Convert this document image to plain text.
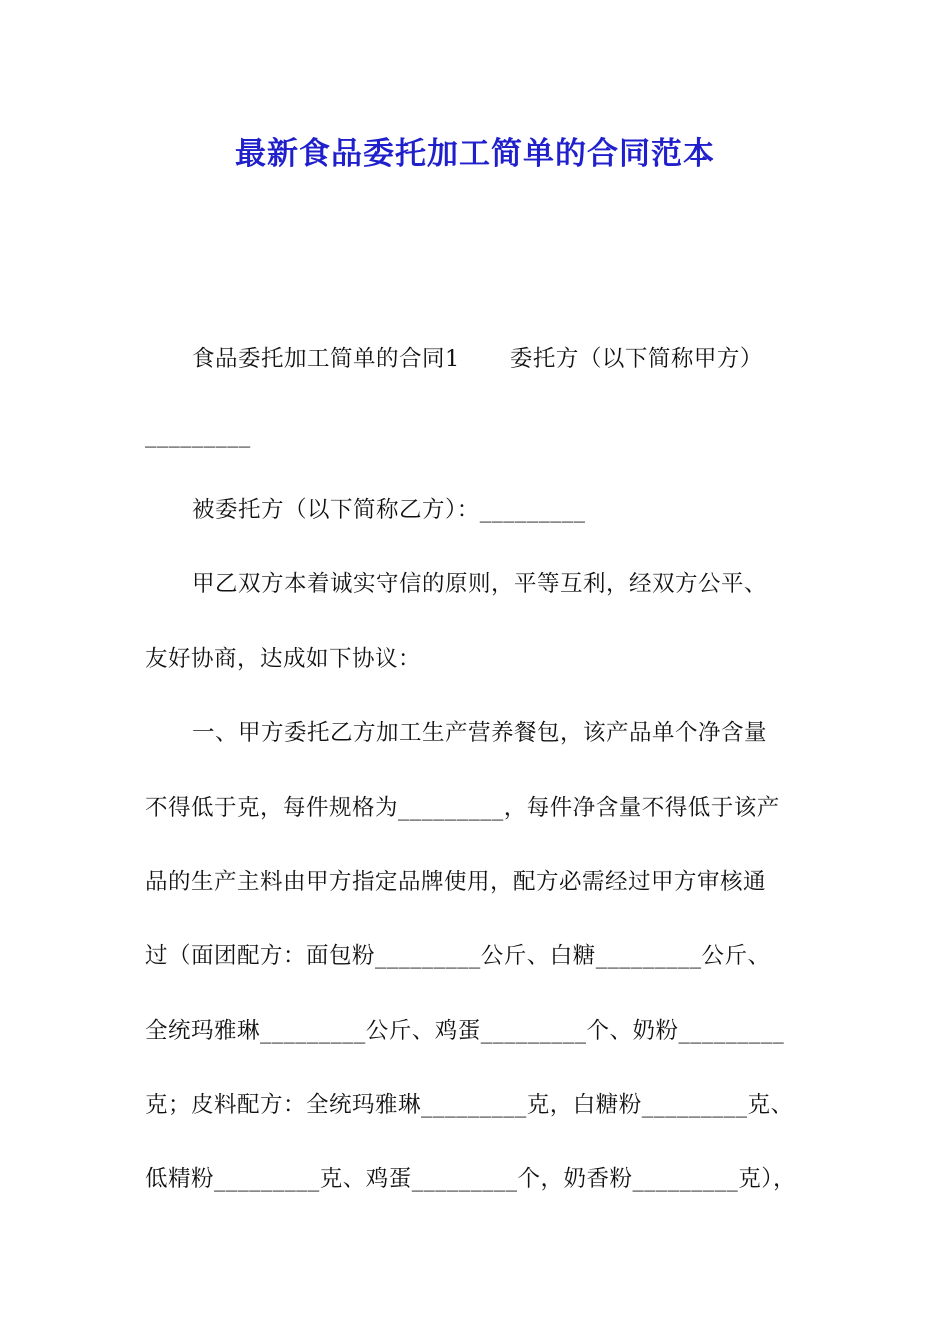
最新食品委托加工简单的合同范本
食品委托加工简单的合同1 委托方（以下简称甲方）
_________
被委托方（以下简称乙方）：_________
甲乙双方本着诚实守信的原则，平等互利，经双方公平、
友好协商，达成如下协议：
一、甲方委托乙方加工生产营养餐包，该产品单个净含量
不得低于克，每件规格为_________，每件净含量不得低于该产
品的生产主料由甲方指定品牌使用，配方必需经过甲方审核通
过（面团配方：面包粉_________公斤、白糖_________公斤、
全统玛雅琳_________公斤、鸡蛋_________个、奶粉_________
克；皮料配方：全统玛雅琳_________克，白糖粉_________克、
低精粉_________克、鸡蛋_________个，奶香粉_________克），
